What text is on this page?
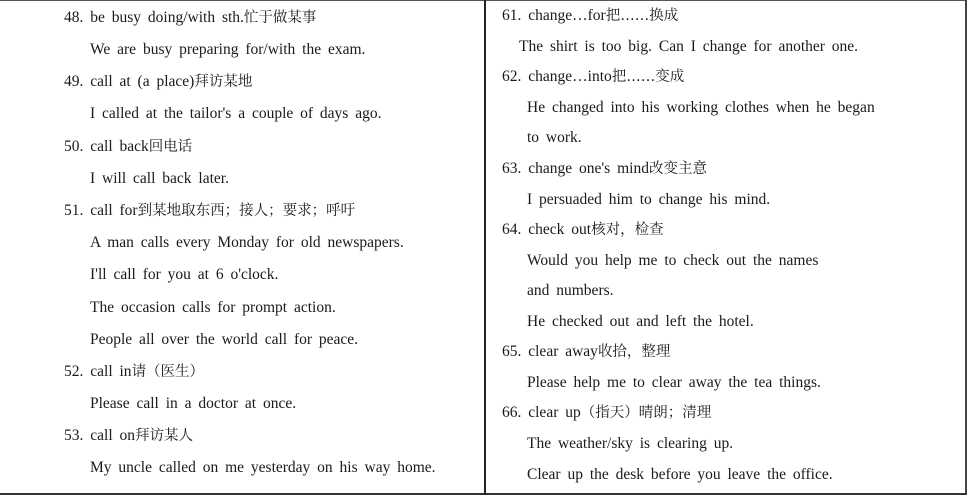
48. be busy doing/with sth.忙于做某事
We are busy preparing for/with the exam.
49. call at (a place)拜访某地
I called at the tailor's a couple of days ago.
50. call back回电话
I will call back later.
51. call for到某地取东西；接人；要求；呼吁
A man calls every Monday for old newspapers.
I'll call for you at 6 o'clock.
The occasion calls for prompt action.
People all over the world call for peace.
52. call in请（医生）
Please call in a doctor at once.
53. call on拜访某人
My uncle called on me yesterday on his way home.
61. change…for把……换成
The shirt is too big. Can I change for another one.
62. change…into把……变成
He changed into his working clothes when he began
to work.
63. change one's mind改变主意
I persuaded him to change his mind.
64. check out核对，检查
Would you help me to check out the names
and numbers.
He checked out and left the hotel.
65. clear away收拾，整理
Please help me to clear away the tea things.
66. clear up（指天）晴朗；清理
The weather/sky is clearing up.
Clear up the desk before you leave the office.
